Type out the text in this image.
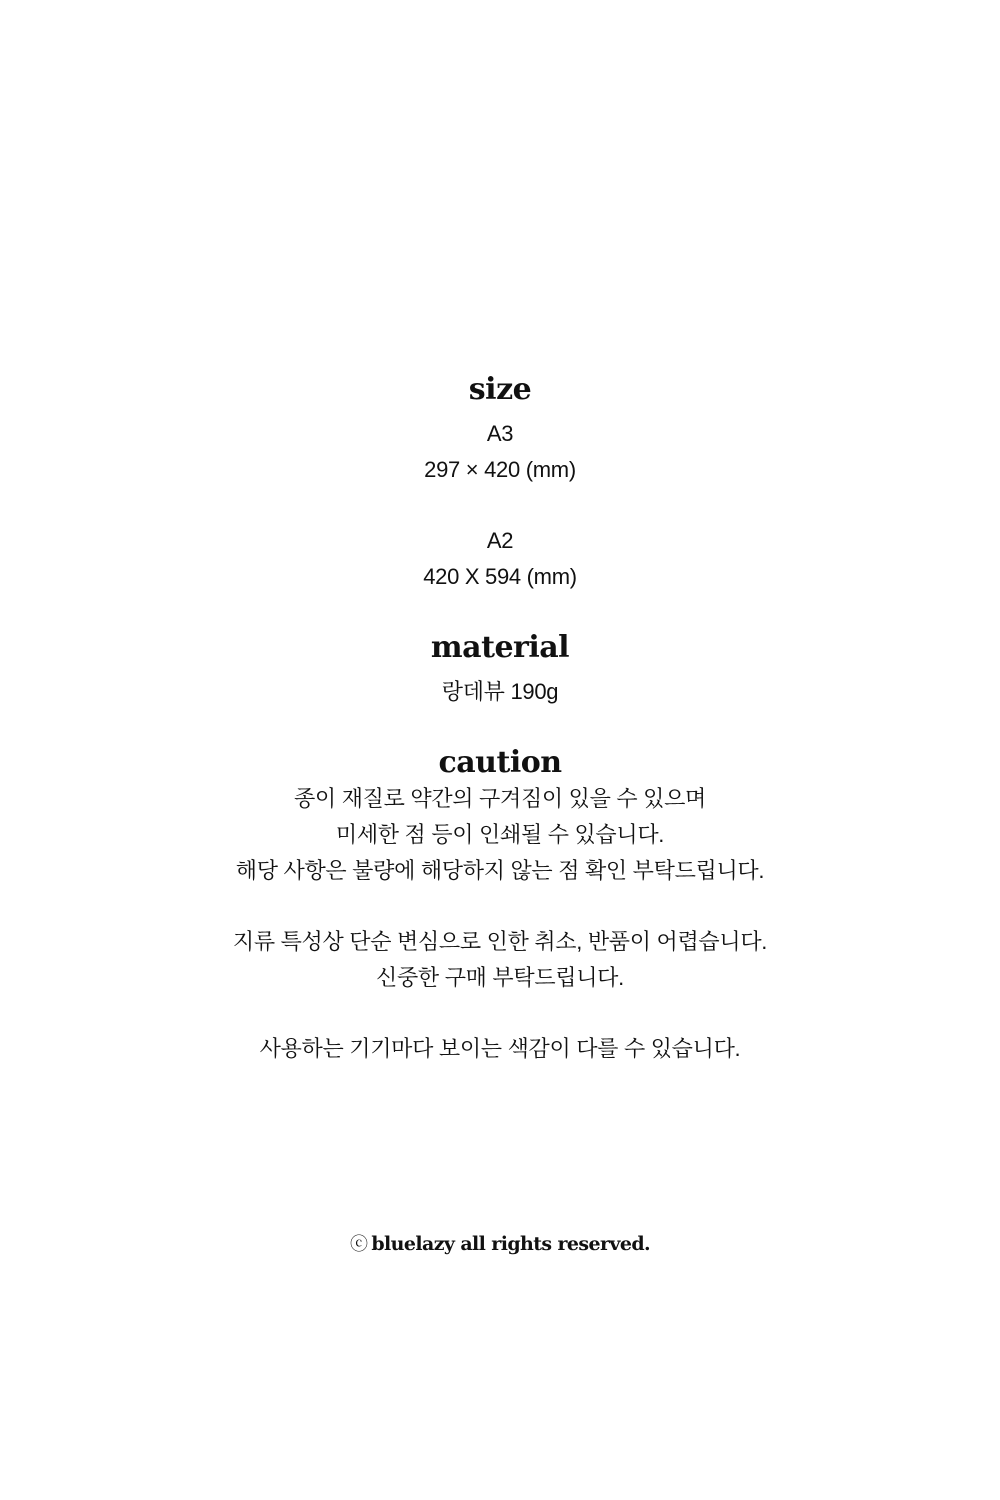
size

A3

297 × 420 (mm)

A2

420 X 594 (mm)

material

랑데뷰 190g

caution

종이 재질로 약간의 구겨짐이 있을 수 있으며

미세한 점 등이 인쇄될 수 있습니다.

해당 사항은 불량에 해당하지 않는 점 확인 부탁드립니다.

지류 특성상 단순 변심으로 인한 취소, 반품이 어렵습니다.

신중한 구매 부탁드립니다.

사용하는 기기마다 보이는 색감이 다를 수 있습니다.

ⓒ bluelazy all rights reserved.
